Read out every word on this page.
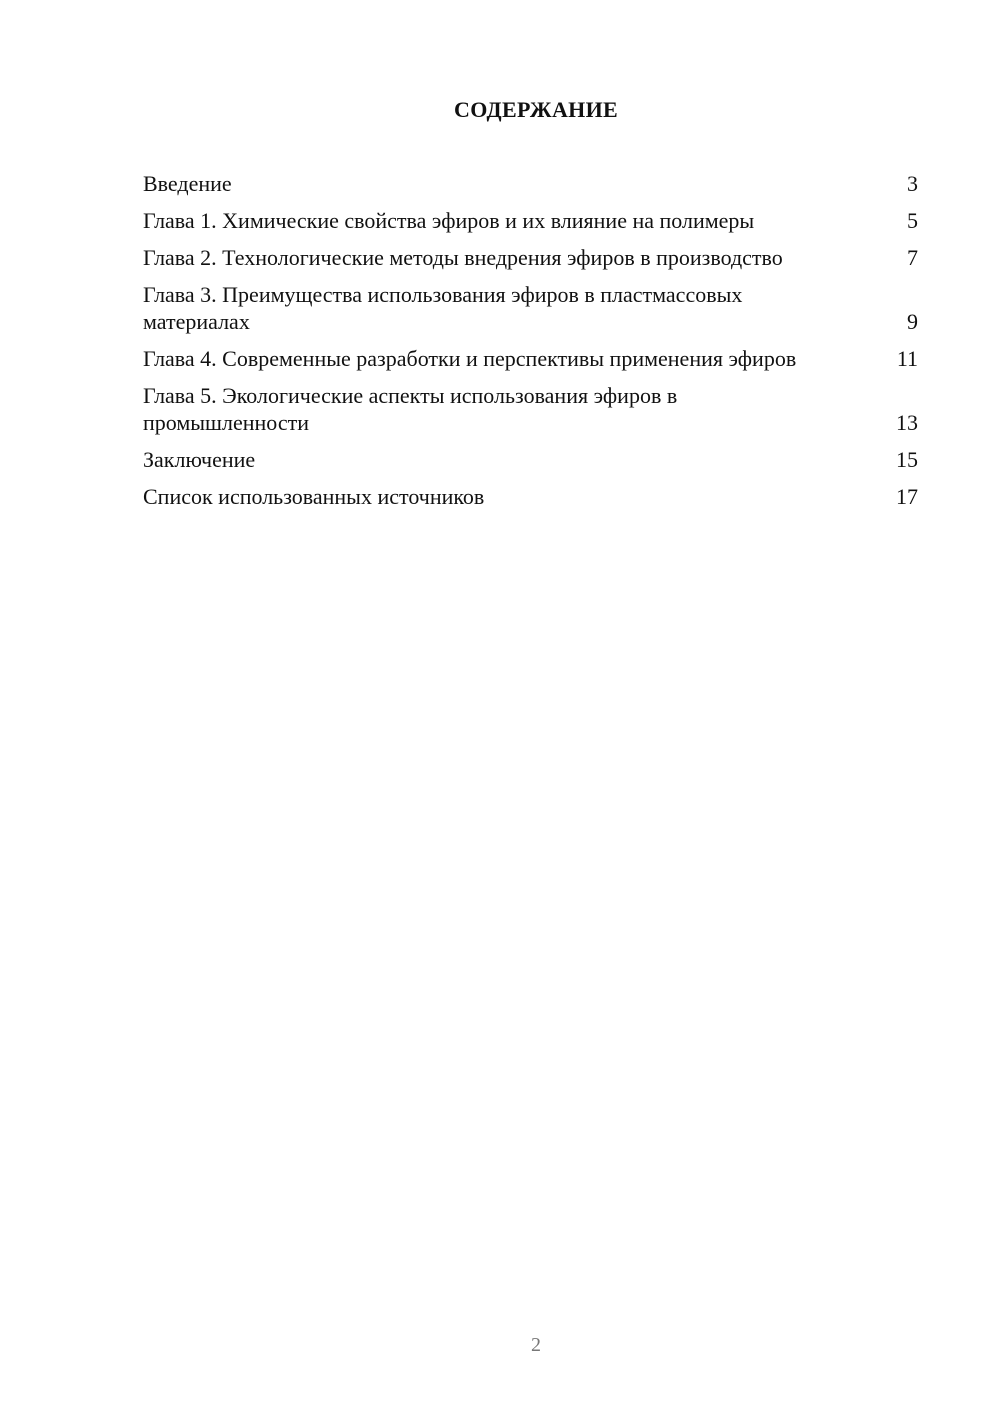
СОДЕРЖАНИЕ
Введение	3
Глава 1. Химические свойства эфиров и их влияние на полимеры	5
Глава 2. Технологические методы внедрения эфиров в производство	7
Глава 3. Преимущества использования эфиров в пластмассовых материалах	9
Глава 4. Современные разработки и перспективы применения эфиров	11
Глава 5. Экологические аспекты использования эфиров в промышленности	13
Заключение	15
Список использованных источников	17
2
